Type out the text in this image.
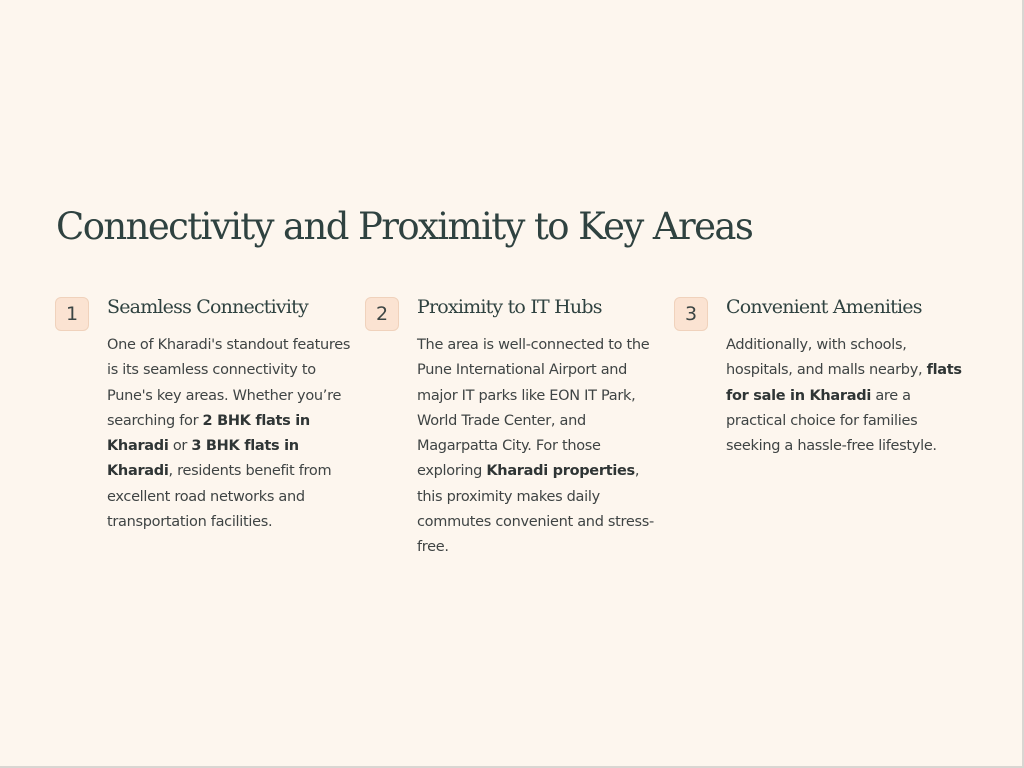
Connectivity and Proximity to Key Areas
1	Seamless Connectivity

One of Kharadi's standout features is its seamless connectivity to Pune's key areas. Whether you’re searching for 2 BHK flats in Kharadi or 3 BHK flats in Kharadi, residents benefit from excellent road networks and transportation facilities.

2	Proximity to IT Hubs

The area is well-connected to the Pune International Airport and major IT parks like EON IT Park, World Trade Center, and Magarpatta City. For those exploring Kharadi properties, this proximity makes daily commutes convenient and stress-free.

3	Convenient Amenities

Additionally, with schools, hospitals, and malls nearby, flats for sale in Kharadi are a practical choice for families seeking a hassle-free lifestyle.
